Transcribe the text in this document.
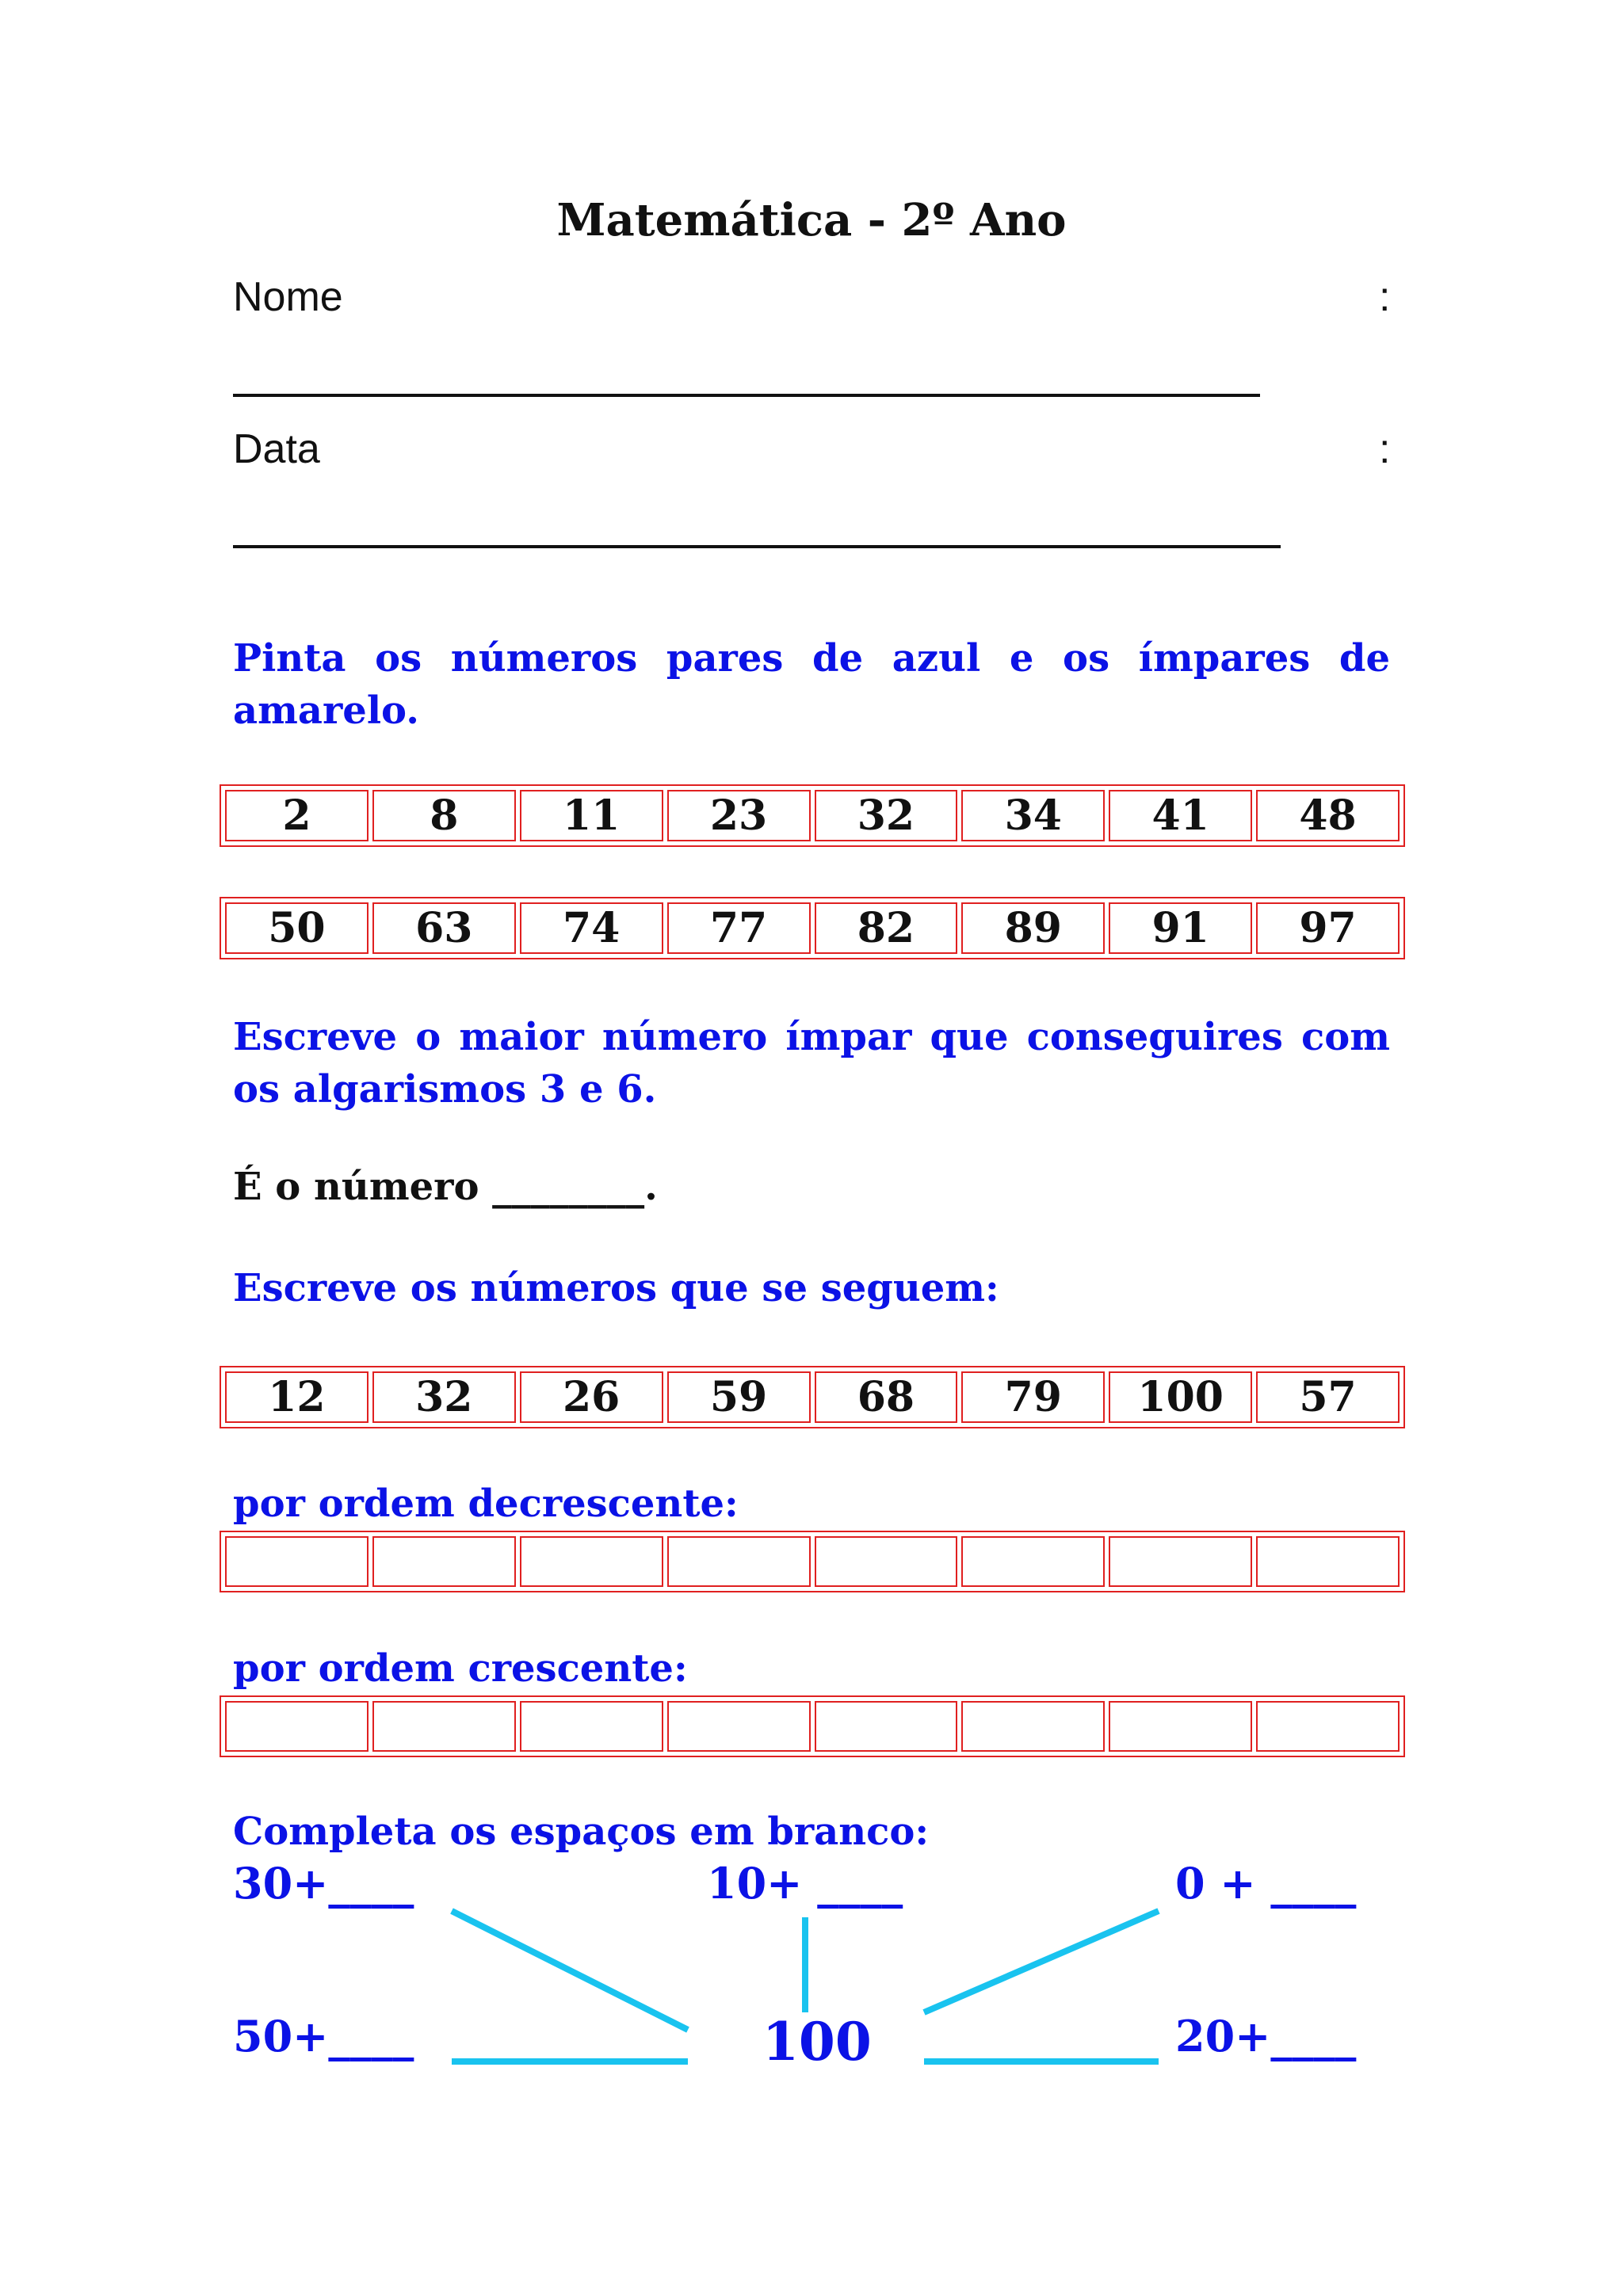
Matemática - 2º Ano
Nome	:
Data	:
Pinta os números pares de azul e os ímpares de amarelo.
2	8	11	23	32	34	41	48
50	63	74	77	82	89	91	97
Escreve o maior número ímpar que conseguires com os algarismos 3 e 6.
É o número ________.
Escreve os números que se seguem:
12	32	26	59	68	79	100	57
por ordem decrescente:

por ordem crescente:

Completa os espaços em branco:
30+____	10+ ____	0 + ____
50+____	100	20+____
